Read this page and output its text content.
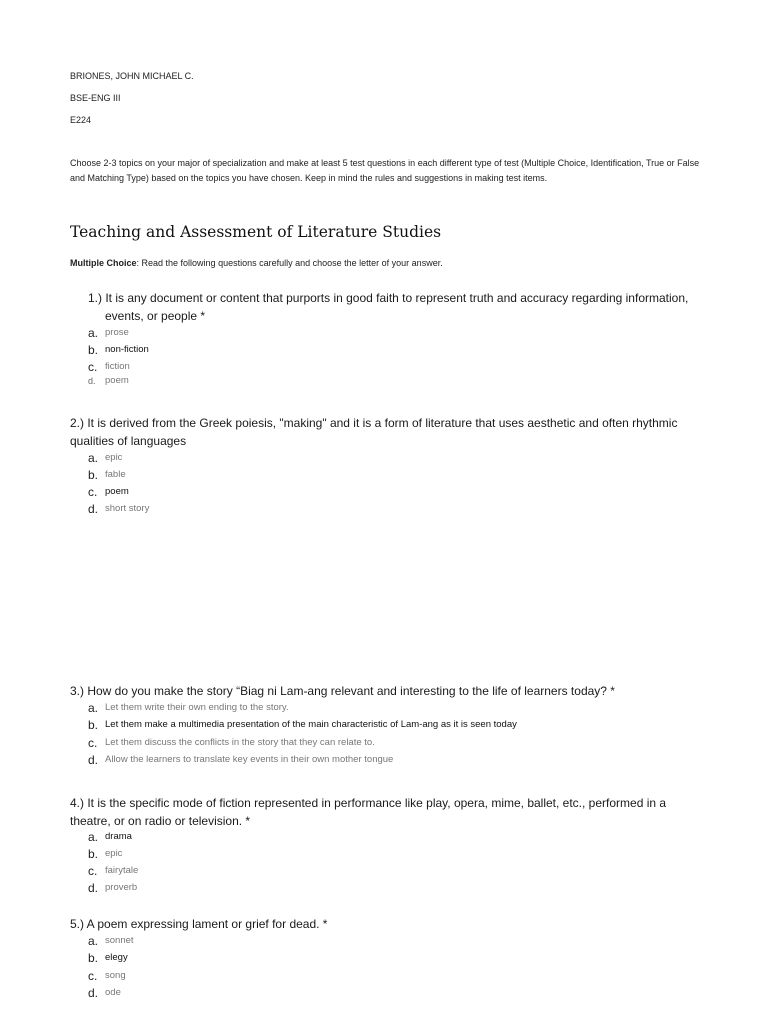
BRIONES, JOHN MICHAEL C.
BSE-ENG III
E224
Choose 2-3 topics on your major of specialization and make at least 5 test questions in each different type of test (Multiple Choice, Identification, True or False and Matching Type) based on the topics you have chosen. Keep in mind the rules and suggestions in making test items.
Teaching and Assessment of Literature Studies
Multiple Choice: Read the following questions carefully and choose the letter of your answer.
1.) It is any document or content that purports in good faith to represent truth and accuracy regarding information,
events, or people *
a. prose
b. non-fiction
c. fiction
d. poem
2.) It is derived from the Greek poiesis, "making" and it is a form of literature that uses aesthetic and often rhythmic
qualities of languages
a. epic
b. fable
c. poem
d. short story
3.) How do you make the story “Biag ni Lam-ang relevant and interesting to the life of learners today? *
a. Let them write their own ending to the story.
b. Let them make a multimedia presentation of the main characteristic of Lam-ang as it is seen today
c. Let them discuss the conflicts in the story that they can relate to.
d. Allow the learners to translate key events in their own mother tongue
4.) It is the specific mode of fiction represented in performance like play, opera, mime, ballet, etc., performed in a
theatre, or on radio or television. *
a. drama
b. epic
c. fairytale
d. proverb
5.) A poem expressing lament or grief for dead. *
a. sonnet
b. elegy
c. song
d. ode
